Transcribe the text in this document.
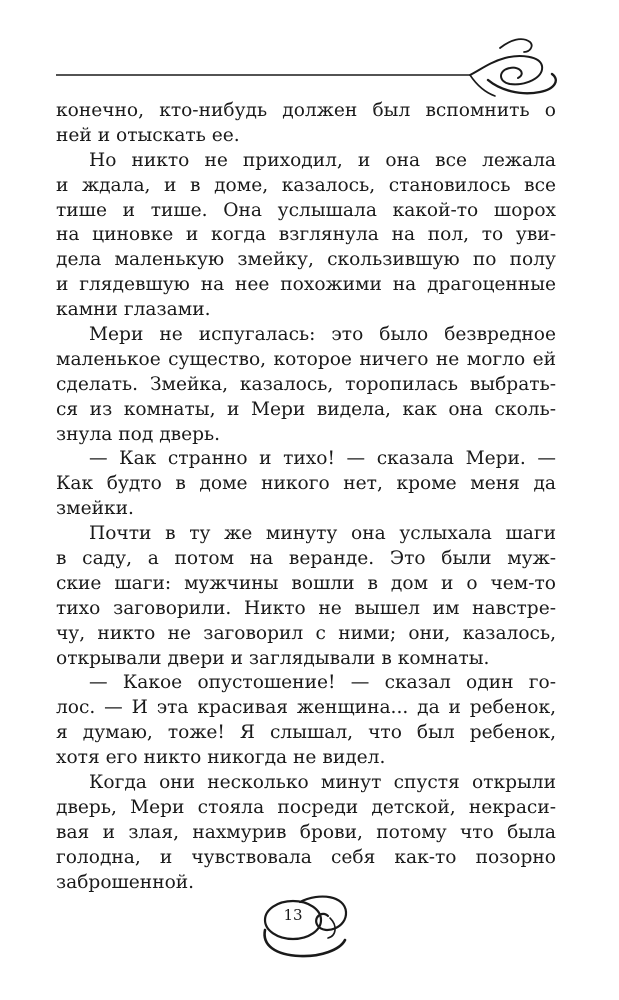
конечно, кто-нибудь должен был вспомнить о
ней и отыскать ее.
Но никто не приходил, и она все лежала
и ждала, и в доме, казалось, становилось все
тише и тише. Она услышала какой-то шорох
на циновке и когда взглянула на пол, то уви-
дела маленькую змейку, скользившую по полу
и глядевшую на нее похожими на драгоценные
камни глазами.
Мери не испугалась: это было безвредное
маленькое существо, которое ничего не могло ей
сделать. Змейка, казалось, торопилась выбрать-
ся из комнаты, и Мери видела, как она сколь-
знула под дверь.
— Как странно и тихо! — сказала Мери. —
Как будто в доме никого нет, кроме меня да
змейки.
Почти в ту же минуту она услыхала шаги
в саду, а потом на веранде. Это были муж-
ские шаги: мужчины вошли в дом и о чем-то
тихо заговорили. Никто не вышел им навстре-
чу, никто не заговорил с ними; они, казалось,
открывали двери и заглядывали в комнаты.
— Какое опустошение! — сказал один го-
лос. — И эта красивая женщина... да и ребенок,
я думаю, тоже! Я слышал, что был ребенок,
хотя его никто никогда не видел.
Когда они несколько минут спустя открыли
дверь, Мери стояла посреди детской, некраси-
вая и злая, нахмурив брови, потому что была
голодна, и чувствовала себя как-то позорно
заброшенной.
13
